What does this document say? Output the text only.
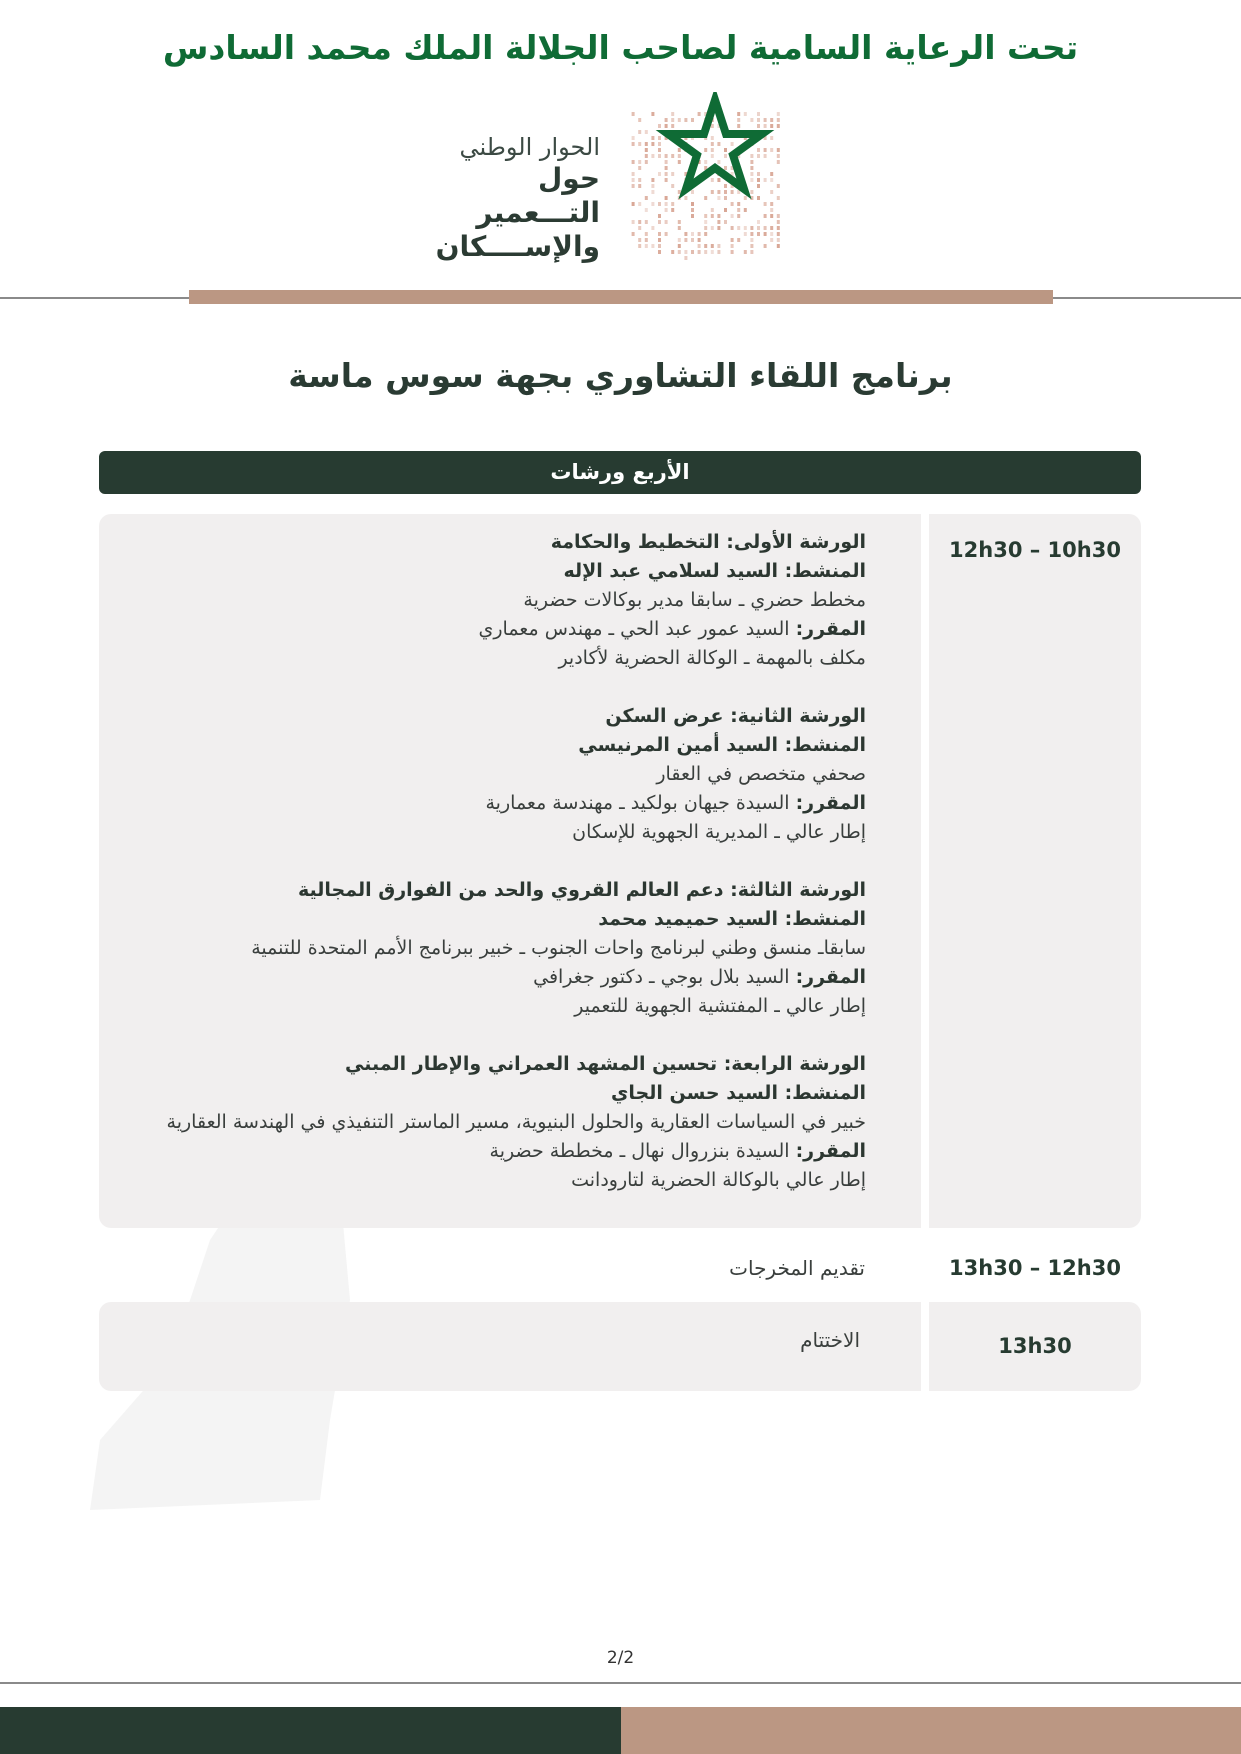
تحت الرعاية السامية لصاحب الجلالة الملك محمد السادس
الحوار الوطني
حول التـــعمير
والإســــكان
برنامج اللقاء التشاوري بجهة سوس ماسة
الأربع ورشات
12h30 – 10h30
الورشة الأولى: التخطيط والحكامة
المنشط: السيد لسلامي عبد الإله
مخطط حضري ـ سابقا مدير بوكالات حضرية
المقرر: السيد عمور عبد الحي ـ مهندس معماري
مكلف بالمهمة ـ الوكالة الحضرية لأكادير
الورشة الثانية: عرض السكن
المنشط: السيد أمين المرنيسي
صحفي متخصص في العقار
المقرر: السيدة جيهان بولكيد ـ مهندسة معمارية
إطار عالي ـ المديرية الجهوية للإسكان
الورشة الثالثة: دعم العالم القروي والحد من الفوارق المجالية
المنشط: السيد حميميد محمد
سابقاـ منسق وطني لبرنامج واحات الجنوب ـ خبير ببرنامج الأمم المتحدة للتنمية
المقرر: السيد بلال بوجي ـ دكتور جغرافي
إطار عالي ـ المفتشية الجهوية للتعمير
الورشة الرابعة: تحسين المشهد العمراني والإطار المبني
المنشط: السيد حسن الجاي
خبير في السياسات العقارية والحلول البنيوية، مسير الماستر التنفيذي في الهندسة العقارية
المقرر: السيدة بنزروال نهال ـ مخططة حضرية
إطار عالي بالوكالة الحضرية لتارودانت
13h30 – 12h30
تقديم المخرجات
13h30
الاختتام
2/2
